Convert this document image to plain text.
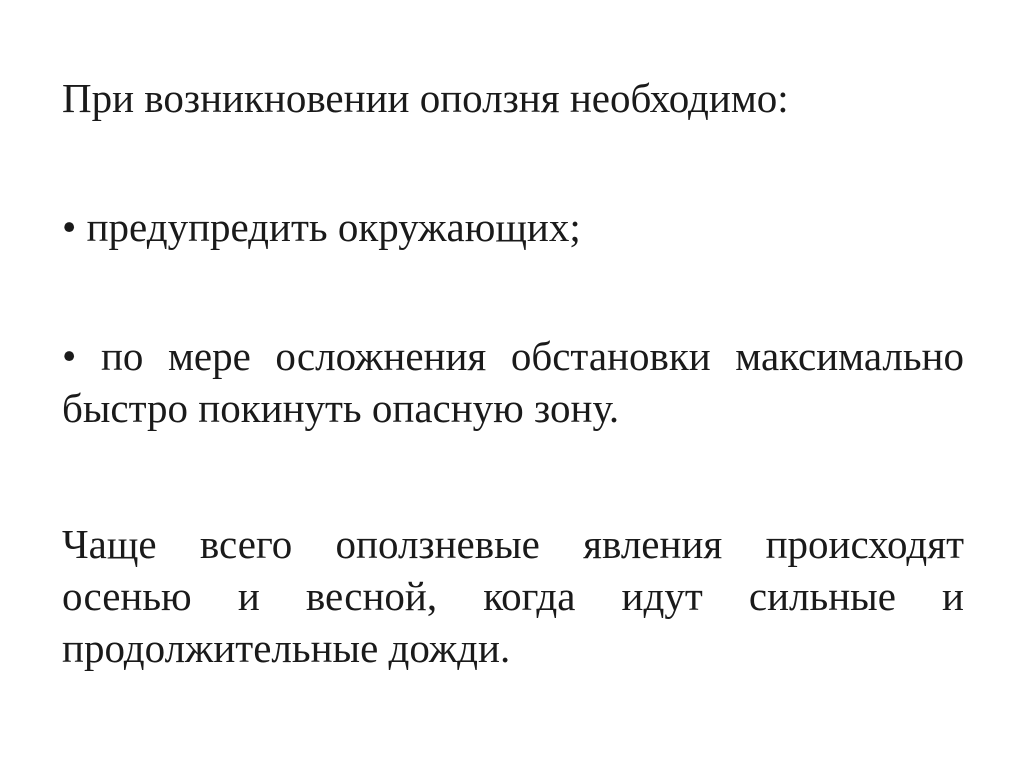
При возникновении оползня необходимо:

• предупредить окружающих;

• по мере осложнения обстановки максимально быстро покинуть опасную зону.

Чаще всего оползневые явления происходят осенью и весной, когда идут сильные и продолжительные дожди.
